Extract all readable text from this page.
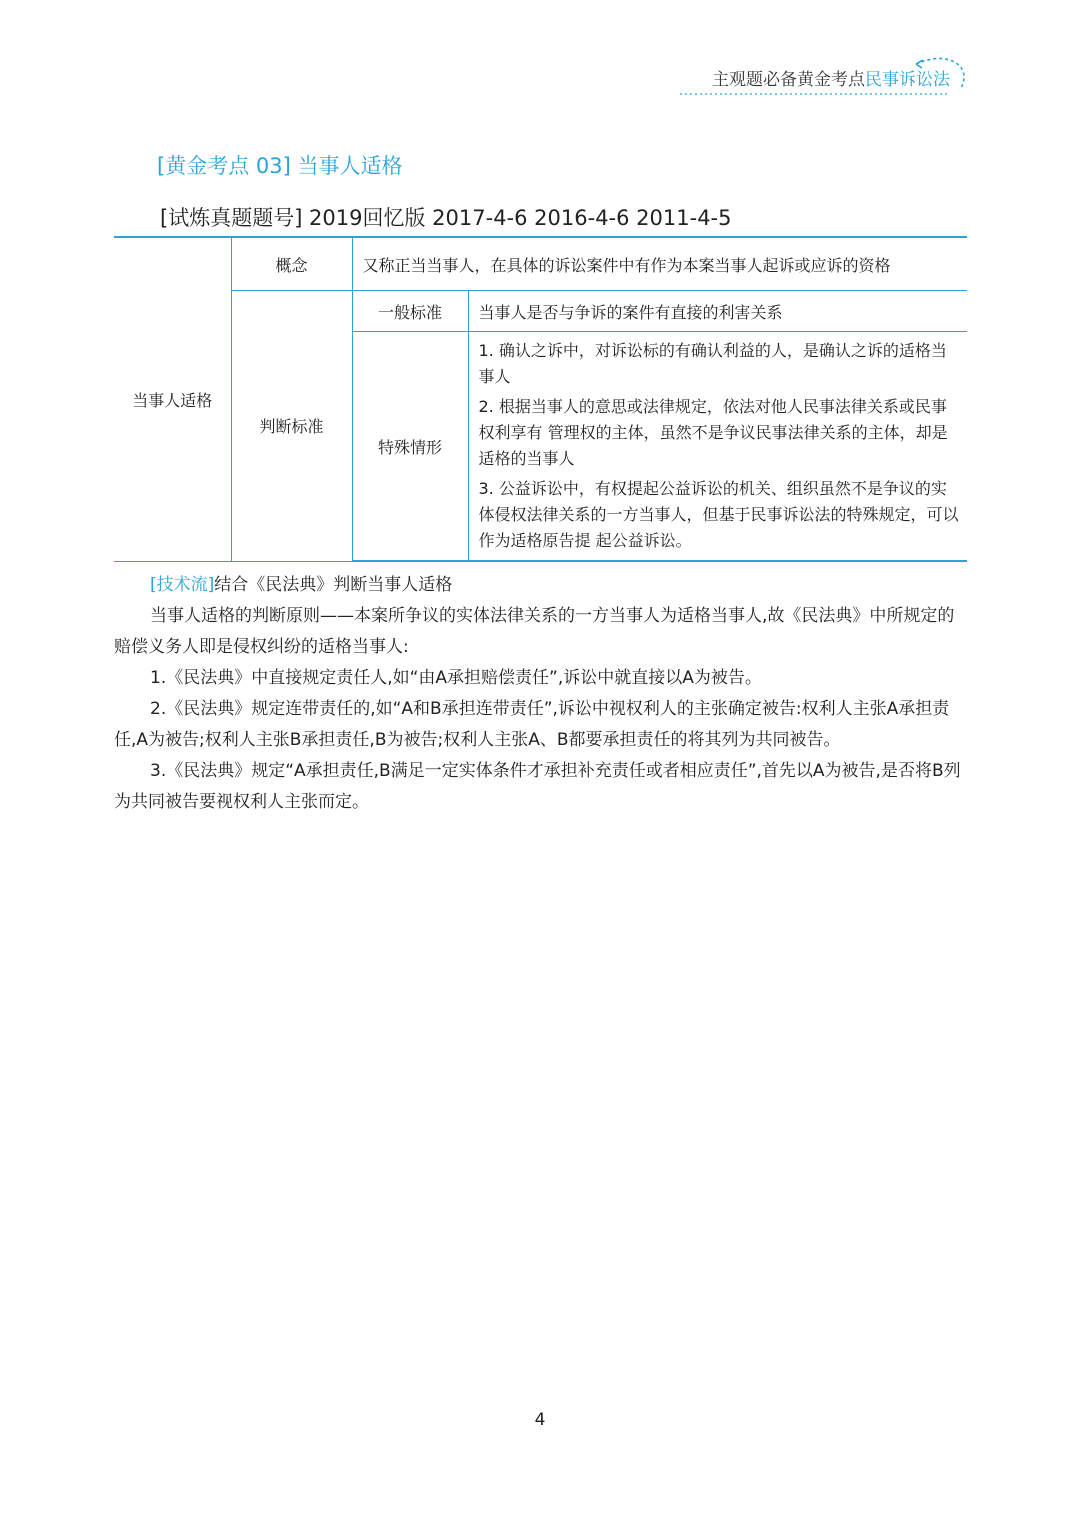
主观题必备黄金考点民事诉讼法
[黄金考点 03] 当事人适格
[试炼真题题号] 2019回忆版 2017-4-6 2016-4-6 2011-4-5
当事人适格	概念	又称正当当事人，在具体的诉讼案件中有作为本案当事人起诉或应诉的资格	
	判断标准	一般标准	当事人是否与争诉的案件有直接的利害关系
		特殊情形	1. 确认之诉中，对诉讼标的有确认利益的人，是确认之诉的适格当事人

2. 根据当事人的意思或法律规定，依法对他人民事法律关系或民事权利享有 管理权的主体，虽然不是争议民事法律关系的主体，却是适格的当事人

3. 公益诉讼中，有权提起公益诉讼的机关、组织虽然不是争议的实体侵权法律关系的一方当事人，但基于民事诉讼法的特殊规定，可以作为适格原告提 起公益诉讼。

[技术流]结合《民法典》判断当事人适格

当事人适格的判断原则——本案所争议的实体法律关系的一方当事人为适格当事人,故《民法典》中所规定的赔偿义务人即是侵权纠纷的适格当事人:

1.《民法典》中直接规定责任人,如“由A承担赔偿责任”,诉讼中就直接以A为被告。

2.《民法典》规定连带责任的,如“A和B承担连带责任”,诉讼中视权利人的主张确定被告:权利人主张A承担责任,A为被告;权利人主张B承担责任,B为被告;权利人主张A、B都要承担责任的将其列为共同被告。

3.《民法典》规定“A承担责任,B满足一定实体条件才承担补充责任或者相应责任”,首先以A为被告,是否将B列为共同被告要视权利人主张而定。

4
